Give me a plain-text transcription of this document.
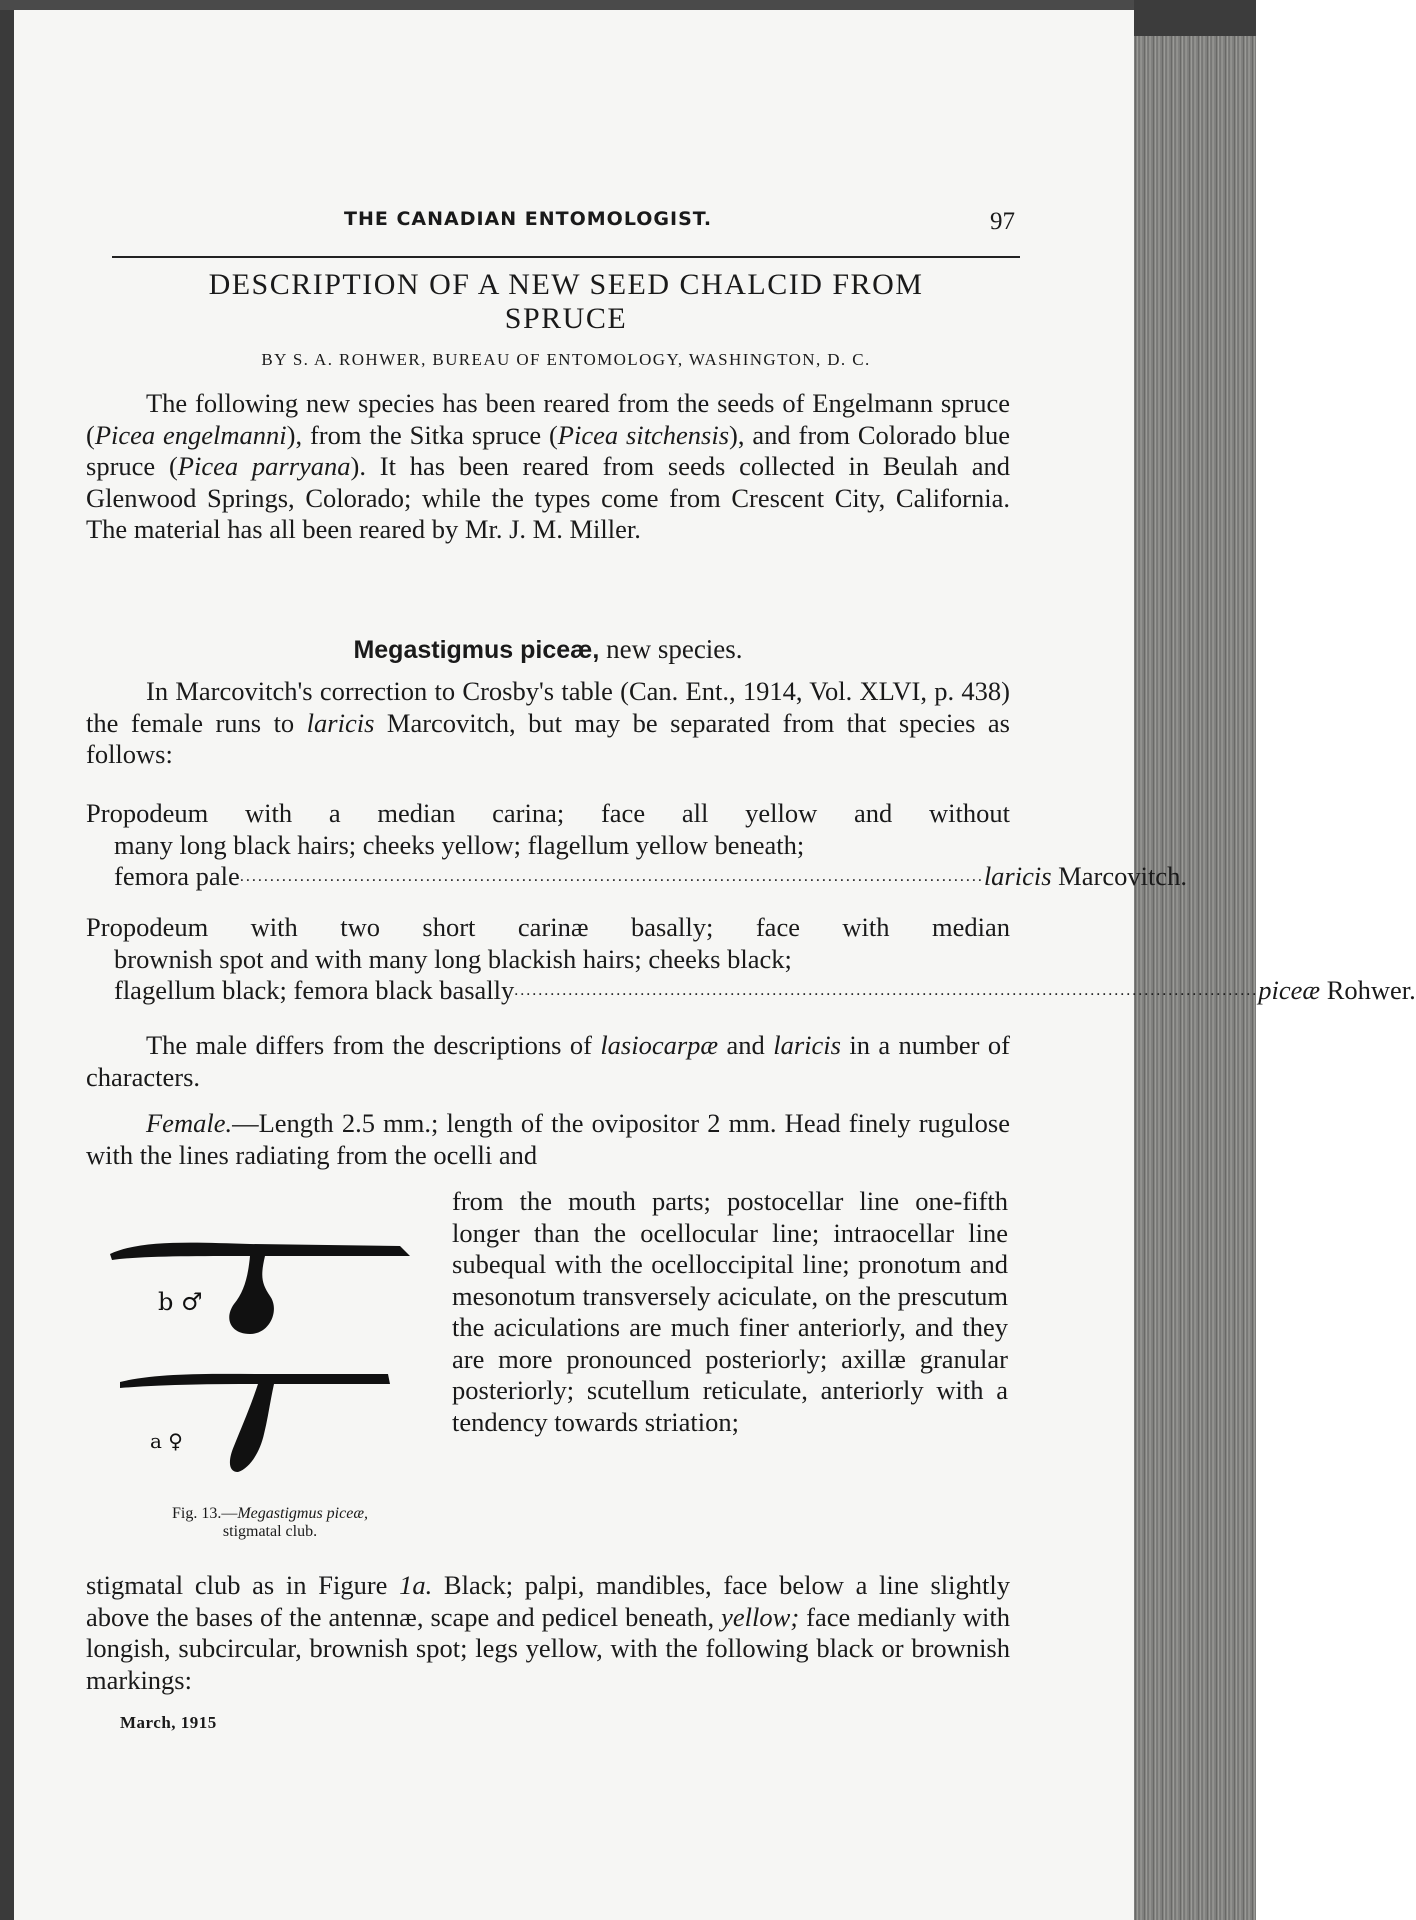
THE CANADIAN ENTOMOLOGIST.	97
DESCRIPTION OF A NEW SEED CHALCID FROM
SPRUCE
BY S. A. ROHWER, BUREAU OF ENTOMOLOGY, WASHINGTON, D. C.
The following new species has been reared from the seeds of Engelmann spruce (Picea engelmanni), from the Sitka spruce (Picea sitchensis), and from Colorado blue spruce (Picea parryana). It has been reared from seeds collected in Beulah and Glenwood Springs, Colorado; while the types come from Crescent City, California. The material has all been reared by Mr. J. M. Miller.
Megastigmus piceæ, new species.
In Marcovitch's correction to Crosby's table (Can. Ent., 1914, Vol. XLVI, p. 438) the female runs to laricis Marcovitch, but may be separated from that species as follows:
Propodeum with a median carina; face all yellow and without
many long black hairs; cheeks yellow; flagellum yellow beneath;
femora pale ............................................................................................................................ laricis Marcovitch.
Propodeum with two short carinæ basally; face with median
brownish spot and with many long blackish hairs; cheeks black;
flagellum black; femora black basally ............................................................................................................................ piceæ Rohwer.
The male differs from the descriptions of lasiocarpæ and laricis in a number of characters.
Female.—Length 2.5 mm.; length of the ovipositor 2 mm. Head finely rugulose with the lines radiating from the ocelli and
from the mouth parts; postocellar line one-fifth longer than the ocellocular line; intraocellar line subequal with the ocelloccipital line; pronotum and mesonotum transversely aciculate, on the prescutum the aciculations are much finer anteriorly, and they are more pronounced posteriorly; axillæ granular posteriorly; scutellum reticulate, anteriorly with a tendency towards striation;
b ♂
a ♀
Fig. 13.—Megastigmus piceæ,
stigmatal club.
stigmatal club as in Figure 1a. Black; palpi, mandibles, face below a line slightly above the bases of the antennæ, scape and pedicel beneath, yellow; face medianly with longish, subcircular, brownish spot; legs yellow, with the following black or brownish markings:
March, 1915
